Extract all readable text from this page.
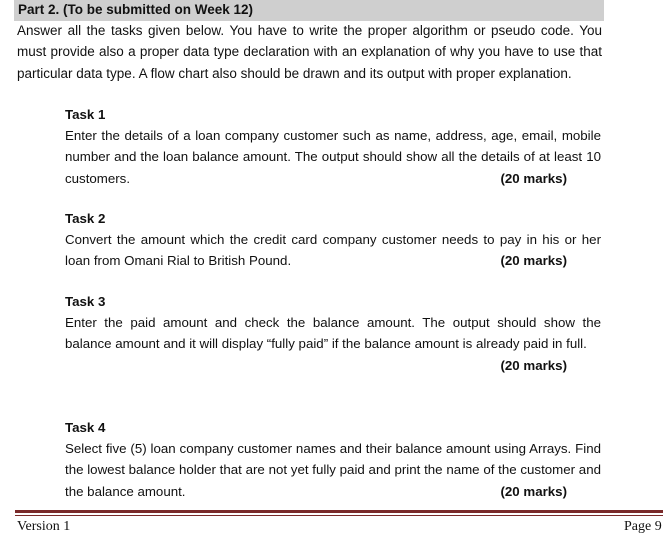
Part 2. (To be submitted on Week 12)
Answer all the tasks given below. You have to write the proper algorithm or pseudo code. You must provide also a proper data type declaration with an explanation of why you have to use that particular data type. A flow chart also should be drawn and its output with proper explanation.
Task 1
Enter the details of a loan company customer such as name, address, age, email, mobile number and the loan balance amount. The output should show all the details of at least 10 customers.	(20 marks)
Task 2
Convert the amount which the credit card company customer needs to pay in his or her loan from Omani Rial to British Pound.	(20 marks)
Task 3
Enter the paid amount and check the balance amount. The output should show the balance amount and it will display “fully paid” if the balance amount is already paid in full.
(20 marks)
Task 4
Select five (5) loan company customer names and their balance amount using Arrays. Find the lowest balance holder that are not yet fully paid and print the name of the customer and the balance amount.	(20 marks)
Version 1	Page 9
